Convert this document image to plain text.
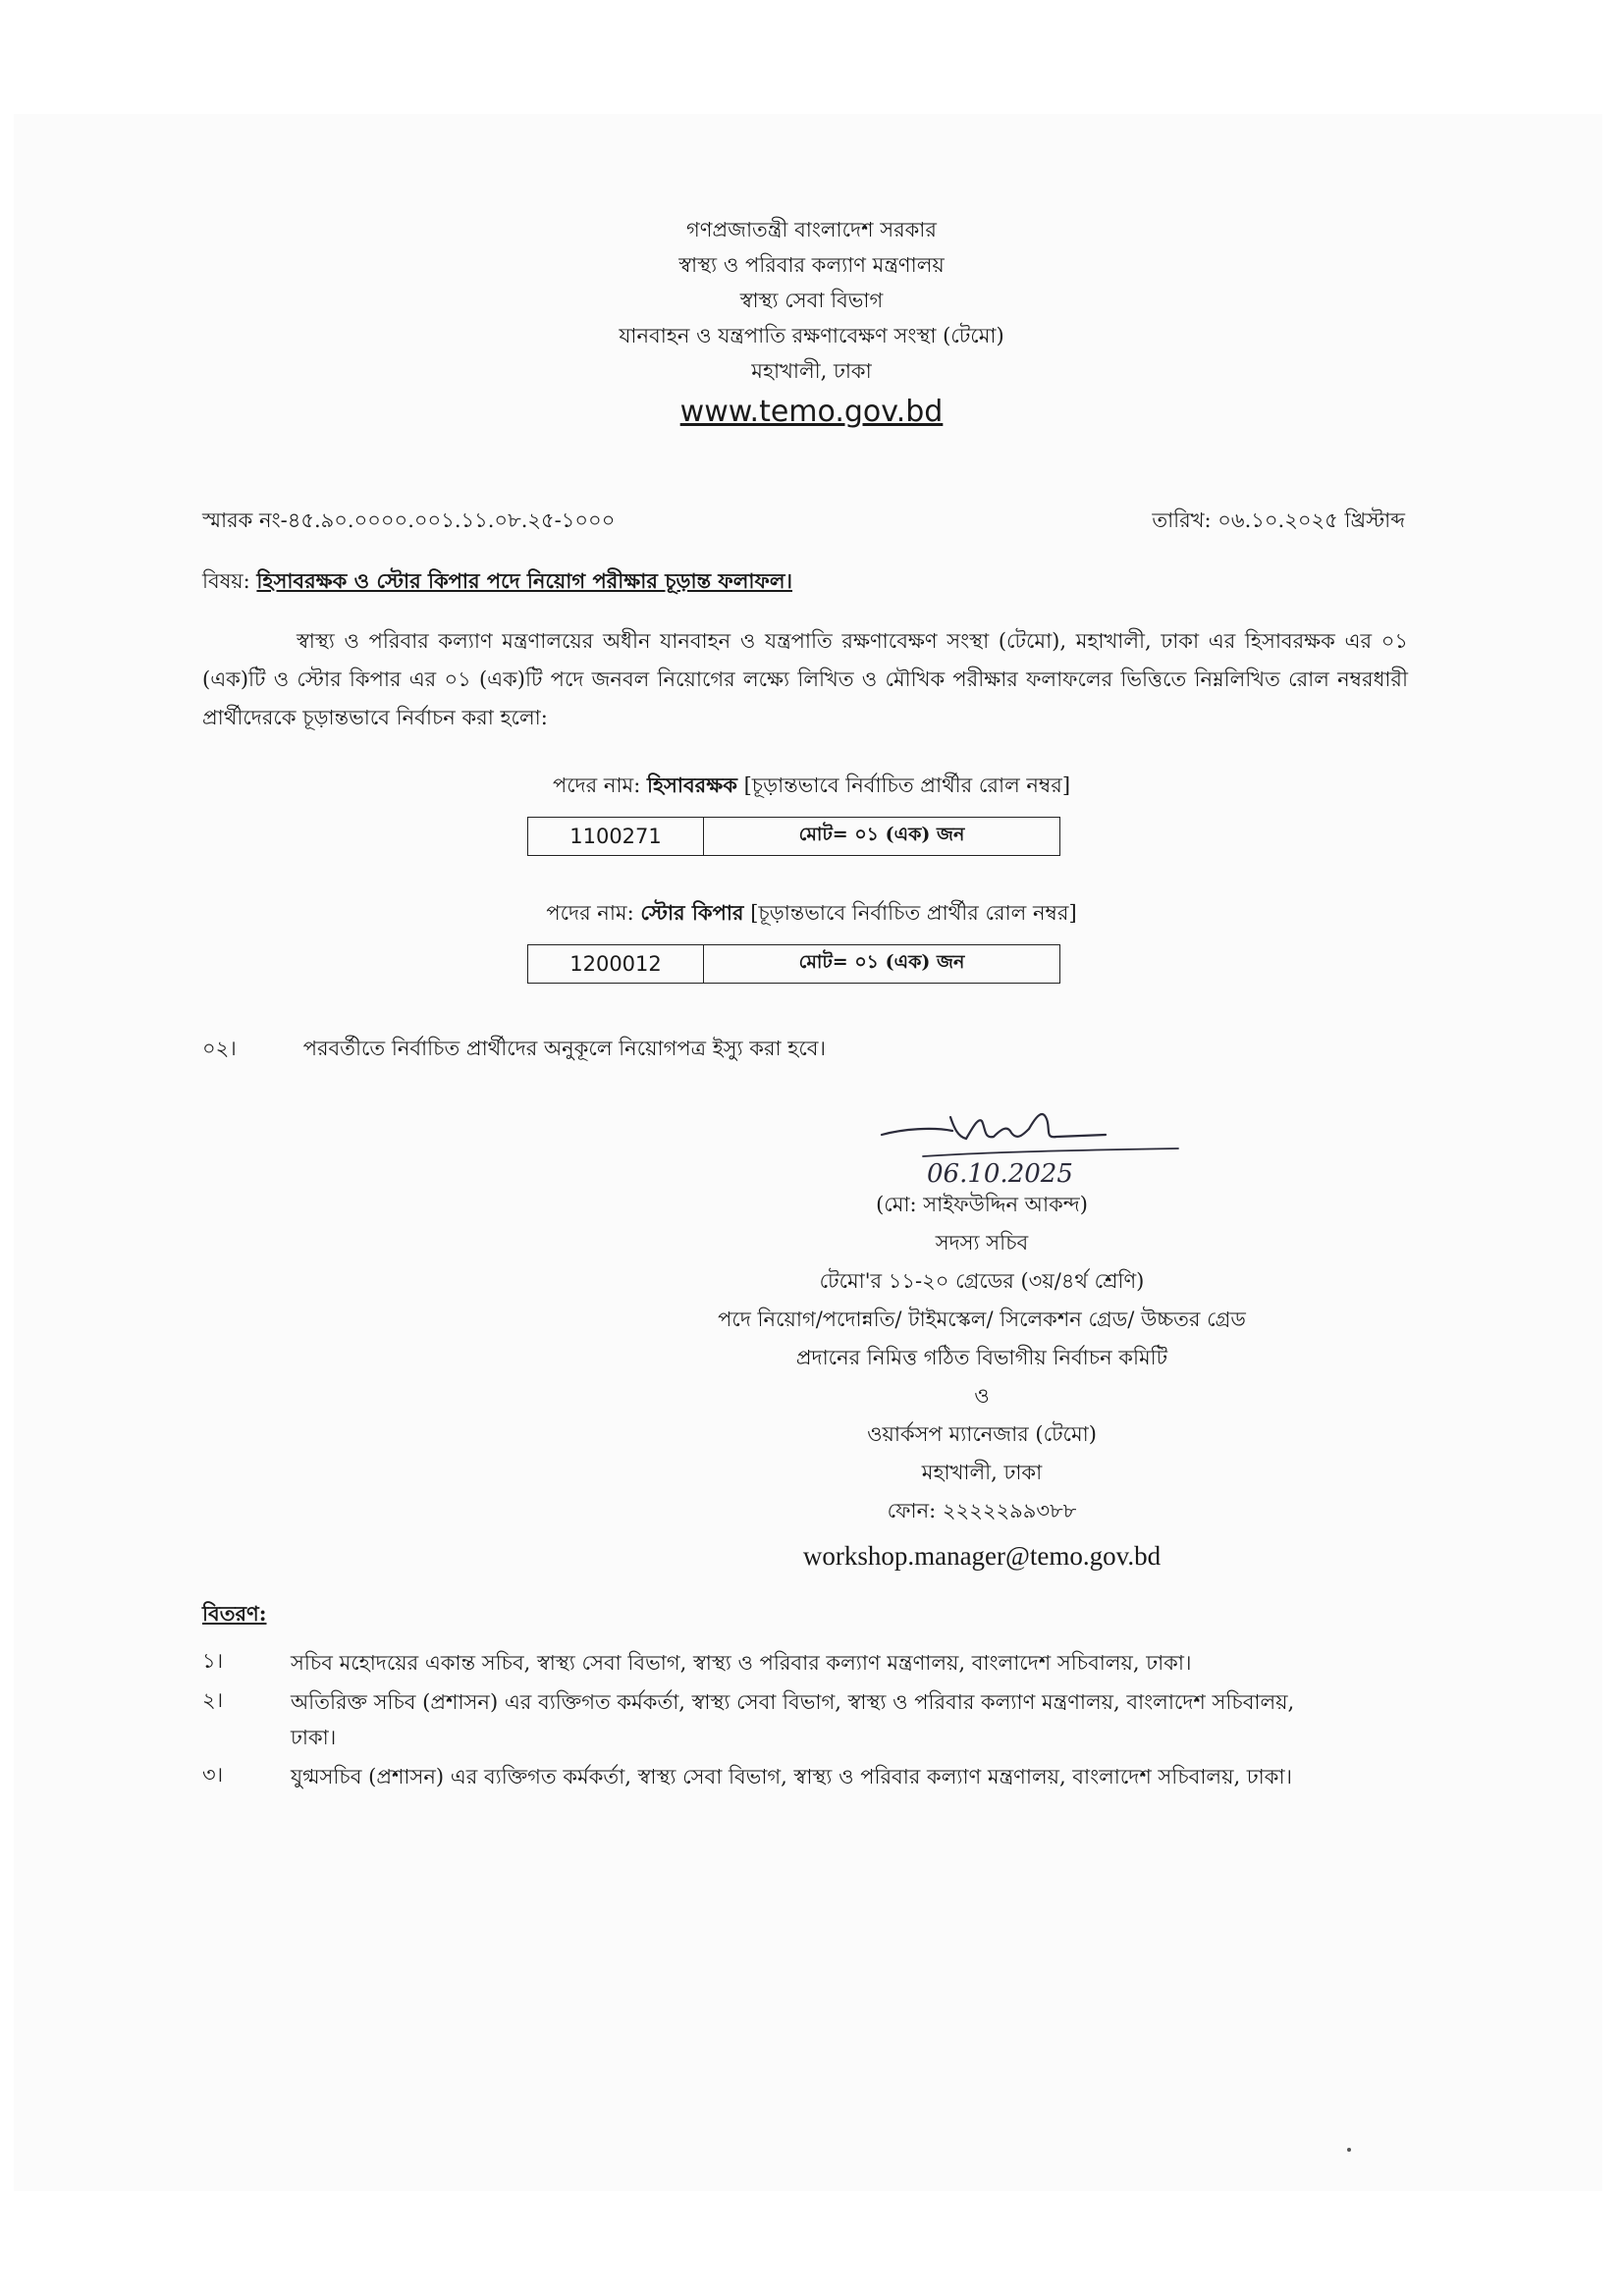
গণপ্রজাতন্ত্রী বাংলাদেশ সরকার
স্বাস্থ্য ও পরিবার কল্যাণ মন্ত্রণালয়
স্বাস্থ্য সেবা বিভাগ
যানবাহন ও যন্ত্রপাতি রক্ষণাবেক্ষণ সংস্থা (টেমো)
মহাখালী, ঢাকা
www.temo.gov.bd
স্মারক নং-৪৫.৯০.০০০০.০০১.১১.০৮.২৫-১০০০	তারিখ: ০৬.১০.২০২৫ খ্রিস্টাব্দ
বিষয়: হিসাবরক্ষক ও স্টোর কিপার পদে নিয়োগ পরীক্ষার চূড়ান্ত ফলাফল।
স্বাস্থ্য ও পরিবার কল্যাণ মন্ত্রণালয়ের অধীন যানবাহন ও যন্ত্রপাতি রক্ষণাবেক্ষণ সংস্থা (টেমো), মহাখালী, ঢাকা এর হিসাবরক্ষক এর ০১ (এক)টি ও স্টোর কিপার এর ০১ (এক)টি পদে জনবল নিয়োগের লক্ষ্যে লিখিত ও মৌখিক পরীক্ষার ফলাফলের ভিত্তিতে নিম্নলিখিত রোল নম্বরধারী প্রার্থীদেরকে চূড়ান্তভাবে নির্বাচন করা হলো:
পদের নাম: হিসাবরক্ষক [চূড়ান্তভাবে নির্বাচিত প্রার্থীর রোল নম্বর]
1100271	মোট= ০১ (এক) জন
পদের নাম: স্টোর কিপার [চূড়ান্তভাবে নির্বাচিত প্রার্থীর রোল নম্বর]
1200012	মোট= ০১ (এক) জন
০২।	পরবর্তীতে নির্বাচিত প্রার্থীদের অনুকূলে নিয়োগপত্র ইস্যু করা হবে।
06.10.2025
(মো: সাইফউদ্দিন আকন্দ)
সদস্য সচিব
টেমো'র ১১-২০ গ্রেডের (৩য়/৪র্থ শ্রেণি)
পদে নিয়োগ/পদোন্নতি/ টাইমস্কেল/ সিলেকশন গ্রেড/ উচ্চতর গ্রেড
প্রদানের নিমিত্ত গঠিত বিভাগীয় নির্বাচন কমিটি
ও
ওয়ার্কসপ ম্যানেজার (টেমো)
মহাখালী, ঢাকা
ফোন: ২২২২২৯৯৩৮৮
workshop.manager@temo.gov.bd
বিতরণ:
১।	সচিব মহোদয়ের একান্ত সচিব, স্বাস্থ্য সেবা বিভাগ, স্বাস্থ্য ও পরিবার কল্যাণ মন্ত্রণালয়, বাংলাদেশ সচিবালয়, ঢাকা।
২।	অতিরিক্ত সচিব (প্রশাসন) এর ব্যক্তিগত কর্মকর্তা, স্বাস্থ্য সেবা বিভাগ, স্বাস্থ্য ও পরিবার কল্যাণ মন্ত্রণালয়, বাংলাদেশ সচিবালয়, ঢাকা।
৩।	যুগ্মসচিব (প্রশাসন) এর ব্যক্তিগত কর্মকর্তা, স্বাস্থ্য সেবা বিভাগ, স্বাস্থ্য ও পরিবার কল্যাণ মন্ত্রণালয়, বাংলাদেশ সচিবালয়, ঢাকা।
